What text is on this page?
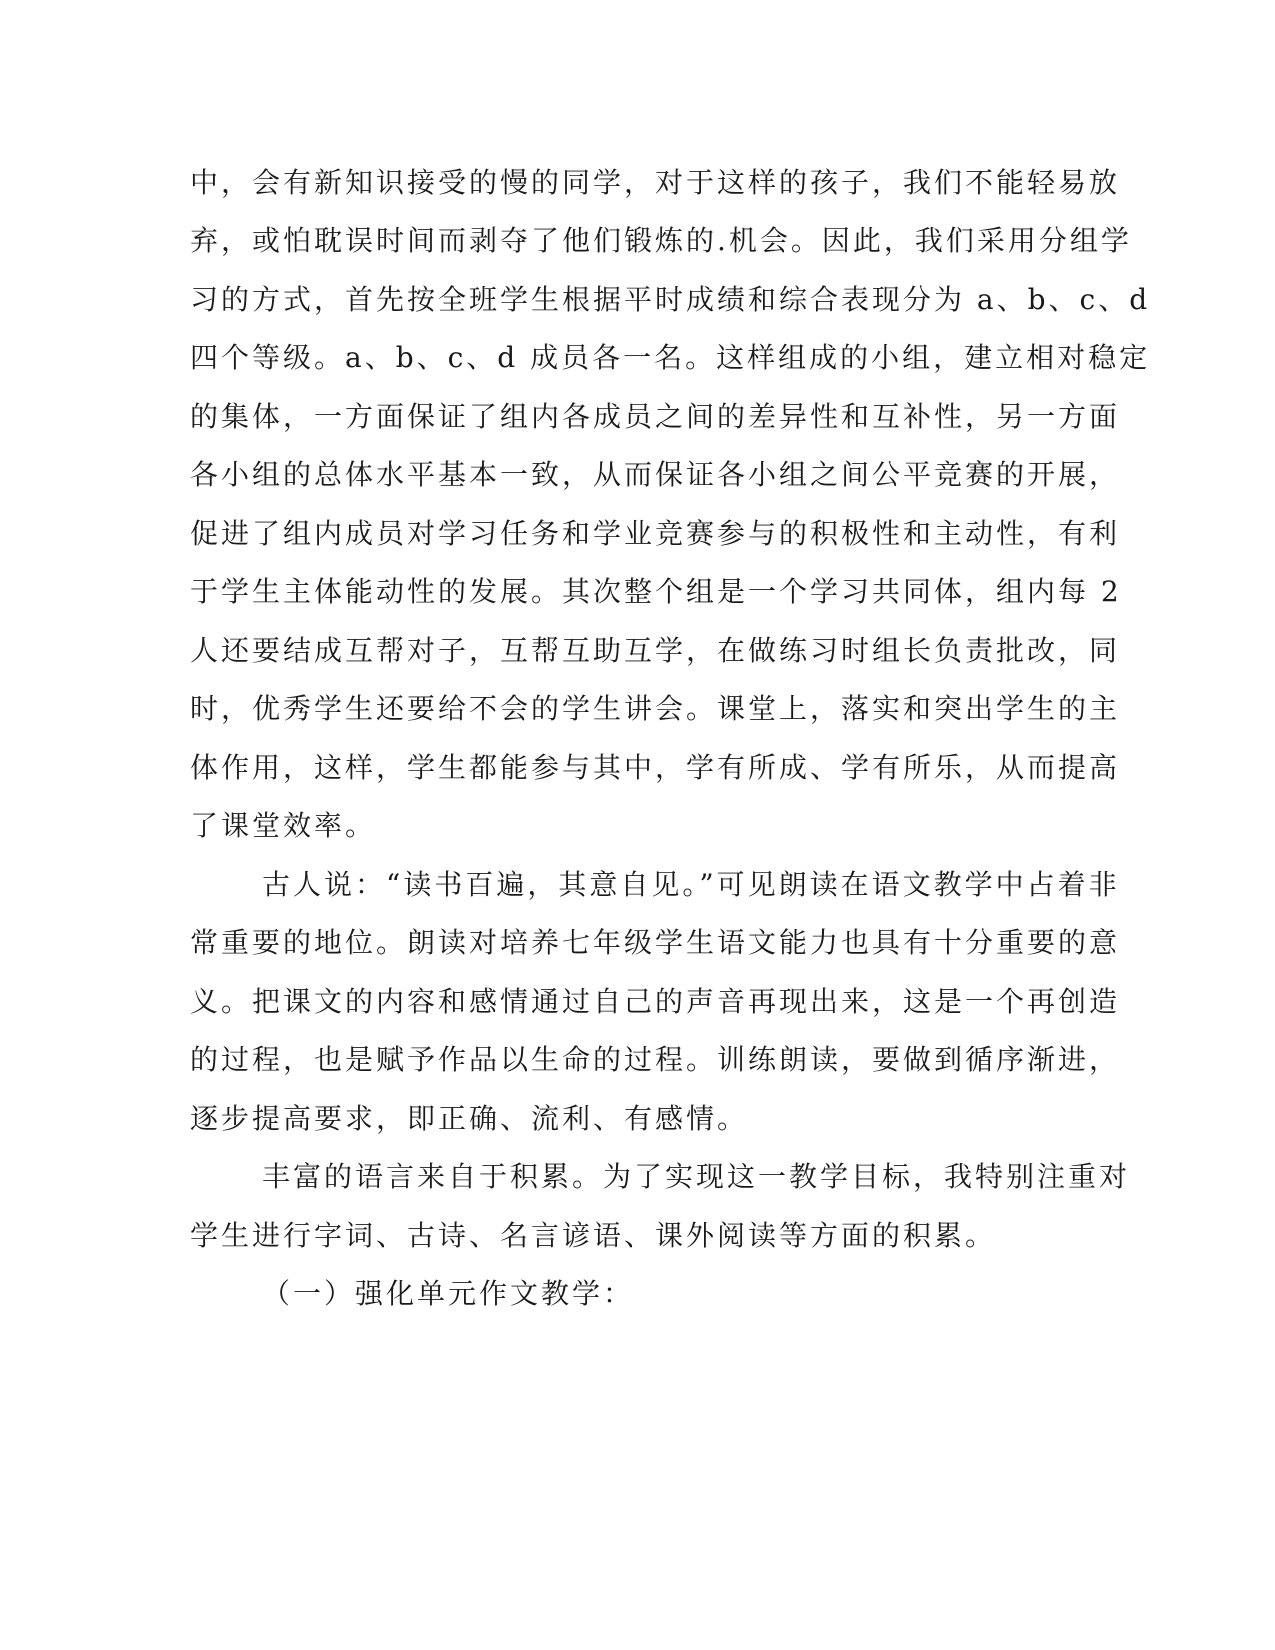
中，会有新知识接受的慢的同学，对于这样的孩子，我们不能轻易放
弃，或怕耽误时间而剥夺了他们锻炼的.机会。因此，我们采用分组学
习的方式，首先按全班学生根据平时成绩和综合表现分为 a、b、c、d
四个等级。a、b、c、d 成员各一名。这样组成的小组，建立相对稳定
的集体，一方面保证了组内各成员之间的差异性和互补性，另一方面
各小组的总体水平基本一致，从而保证各小组之间公平竞赛的开展，
促进了组内成员对学习任务和学业竞赛参与的积极性和主动性，有利
于学生主体能动性的发展。其次整个组是一个学习共同体，组内每 2
人还要结成互帮对子，互帮互助互学，在做练习时组长负责批改，同
时，优秀学生还要给不会的学生讲会。课堂上，落实和突出学生的主
体作用，这样，学生都能参与其中，学有所成、学有所乐，从而提高
了课堂效率。
古人说：“读书百遍，其意自见。”可见朗读在语文教学中占着非
常重要的地位。朗读对培养七年级学生语文能力也具有十分重要的意
义。把课文的内容和感情通过自己的声音再现出来，这是一个再创造
的过程，也是赋予作品以生命的过程。训练朗读，要做到循序渐进，
逐步提高要求，即正确、流利、有感情。
丰富的语言来自于积累。为了实现这一教学目标，我特别注重对
学生进行字词、古诗、名言谚语、课外阅读等方面的积累。
（一）强化单元作文教学：
